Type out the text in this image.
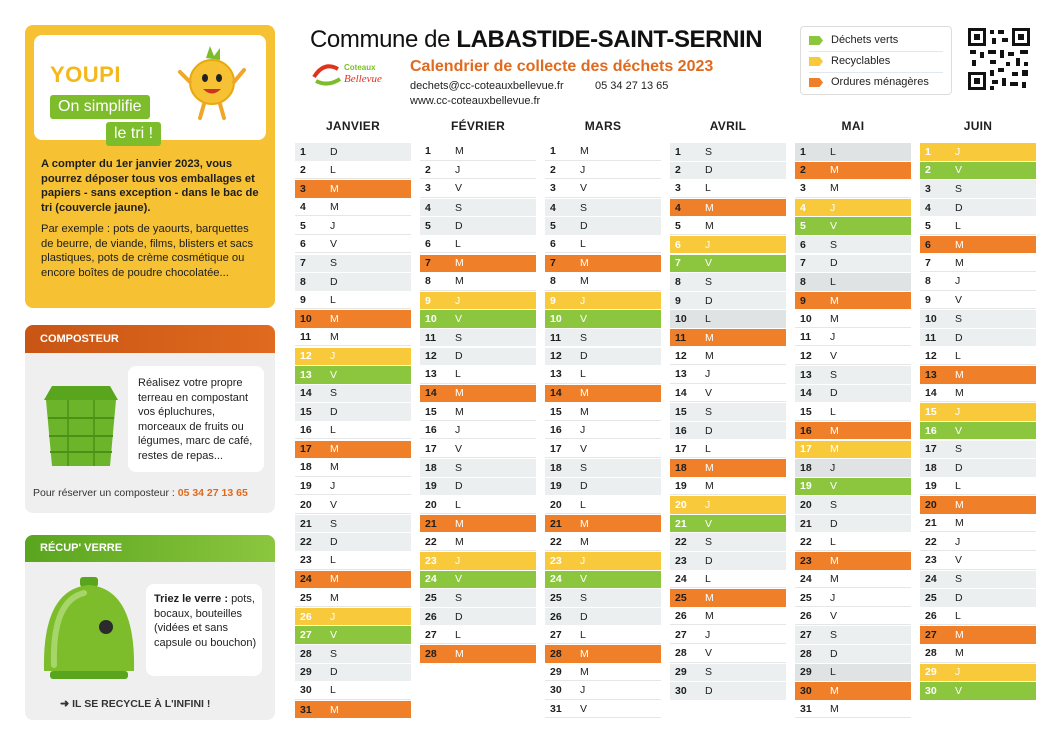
YOUPI
On simplifie
le tri !
A compter du 1er janvier 2023, vous pourrez déposer tous vos emballages et papiers - sans exception - dans le bac de tri (couvercle jaune).
Par exemple : pots de yaourts, barquettes de beurre, de viande, films, blisters et sacs plastiques, pots de crème cosmétique ou encore boîtes de poudre chocolatée...
COMPOSTEUR
Réalisez votre propre terreau en compostant vos épluchures, morceaux de fruits ou légumes, marc de café, restes de repas...
Pour réserver un composteur : 05 34 27 13 65
RÉCUP' VERRE
Triez le verre : pots, bocaux, bouteilles (vidées et sans capsule ou bouchon)
➜ IL SE RECYCLE À L'INFINI !
Commune de LABASTIDE-SAINT-SERNIN
Coteaux
Bellevue
Calendrier de collecte des déchets 2023
dechets@cc-coteauxbellevue.fr	05 34 27 13 65
www.cc-coteauxbellevue.fr
Déchets verts
Recyclables
Ordures ménagères
JANVIER
1	D
2	L
3	M
4	M
5	J
6	V
7	S
8	D
9	L
10	M
11	M
12	J
13	V
14	S
15	D
16	L
17	M
18	M
19	J
20	V
21	S
22	D
23	L
24	M
25	M
26	J
27	V
28	S
29	D
30	L
31	M
FÉVRIER
1	M
2	J
3	V
4	S
5	D
6	L
7	M
8	M
9	J
10	V
11	S
12	D
13	L
14	M
15	M
16	J
17	V
18	S
19	D
20	L
21	M
22	M
23	J
24	V
25	S
26	D
27	L
28	M
MARS
1	M
2	J
3	V
4	S
5	D
6	L
7	M
8	M
9	J
10	V
11	S
12	D
13	L
14	M
15	M
16	J
17	V
18	S
19	D
20	L
21	M
22	M
23	J
24	V
25	S
26	D
27	L
28	M
29	M
30	J
31	V
AVRIL
1	S
2	D
3	L
4	M
5	M
6	J
7	V
8	S
9	D
10	L
11	M
12	M
13	J
14	V
15	S
16	D
17	L
18	M
19	M
20	J
21	V
22	S
23	D
24	L
25	M
26	M
27	J
28	V
29	S
30	D
MAI
1	L
2	M
3	M
4	J
5	V
6	S
7	D
8	L
9	M
10	M
11	J
12	V
13	S
14	D
15	L
16	M
17	M
18	J
19	V
20	S
21	D
22	L
23	M
24	M
25	J
26	V
27	S
28	D
29	L
30	M
31	M
JUIN
1	J
2	V
3	S
4	D
5	L
6	M
7	M
8	J
9	V
10	S
11	D
12	L
13	M
14	M
15	J
16	V
17	S
18	D
19	L
20	M
21	M
22	J
23	V
24	S
25	D
26	L
27	M
28	M
29	J
30	V
